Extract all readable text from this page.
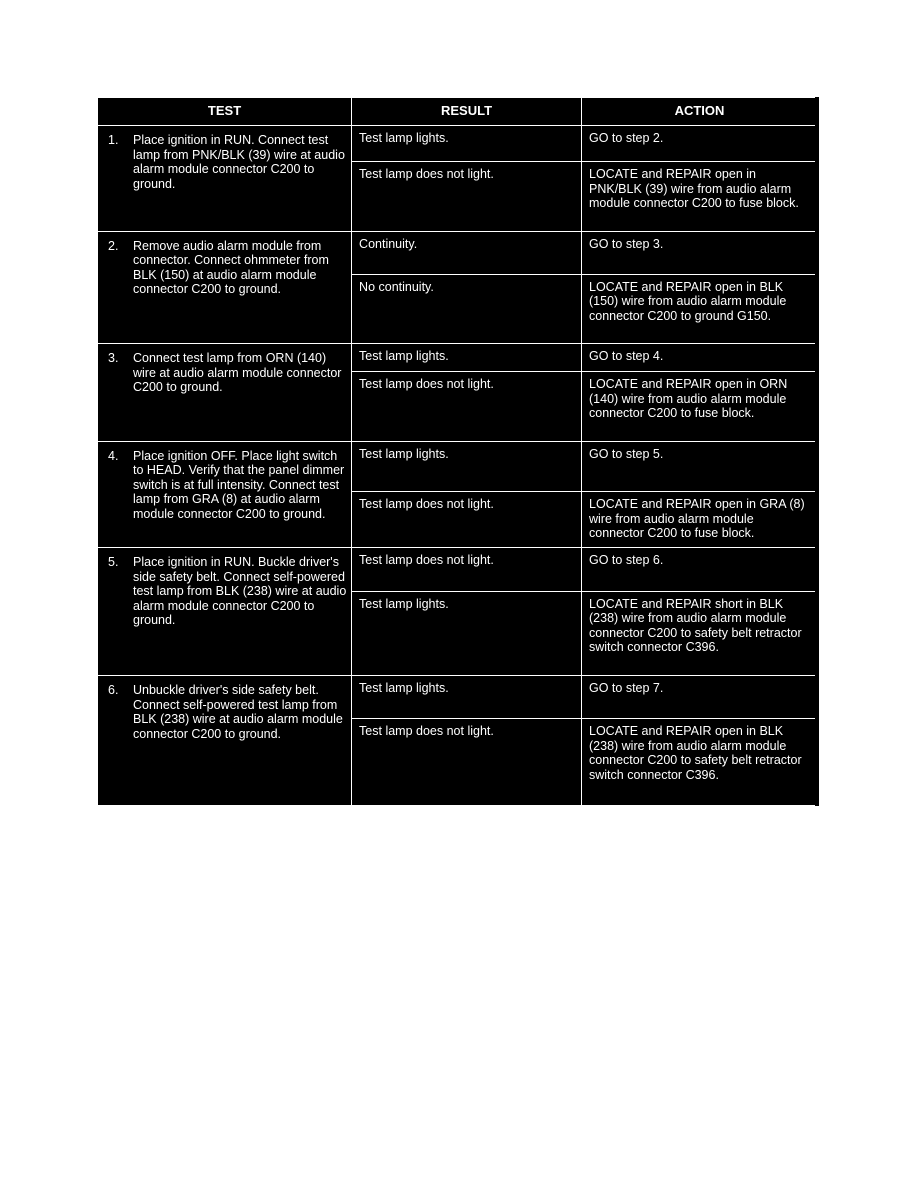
TEST	RESULT	ACTION

1. Place ignition in RUN. Connect test lamp from PNK/BLK (39) wire at audio alarm module connector C200 to ground.	Test lamp lights.	GO to step 2.

	Test lamp does not light.	LOCATE and REPAIR open in PNK/BLK (39) wire from audio alarm module connector C200 to fuse block.

2. Remove audio alarm module from connector. Connect ohmmeter from BLK (150) at audio alarm module connector C200 to ground.	Continuity.	GO to step 3.

	No continuity.	LOCATE and REPAIR open in BLK (150) wire from audio alarm module connector C200 to ground G150.

3. Connect test lamp from ORN (140) wire at audio alarm module connector C200 to ground.	Test lamp lights.	GO to step 4.

	Test lamp does not light.	LOCATE and REPAIR open in ORN (140) wire from audio alarm module connector C200 to fuse block.

4. Place ignition OFF. Place light switch to HEAD. Verify that the panel dimmer switch is at full intensity. Connect test lamp from GRA (8) at audio alarm module connector C200 to ground.	Test lamp lights.	GO to step 5.

	Test lamp does not light.	LOCATE and REPAIR open in GRA (8) wire from audio alarm module connector C200 to fuse block.

5. Place ignition in RUN. Buckle driver's side safety belt. Connect self-powered test lamp from BLK (238) wire at audio alarm module connector C200 to ground.	Test lamp does not light.	GO to step 6.

	Test lamp lights.	LOCATE and REPAIR short in BLK (238) wire from audio alarm module connector C200 to safety belt retractor switch connector C396.

6. Unbuckle driver's side safety belt. Connect self-powered test lamp from BLK (238) wire at audio alarm module connector C200 to ground.	Test lamp lights.	GO to step 7.

	Test lamp does not light.	LOCATE and REPAIR open in BLK (238) wire from audio alarm module connector C200 to safety belt retractor switch connector C396.
